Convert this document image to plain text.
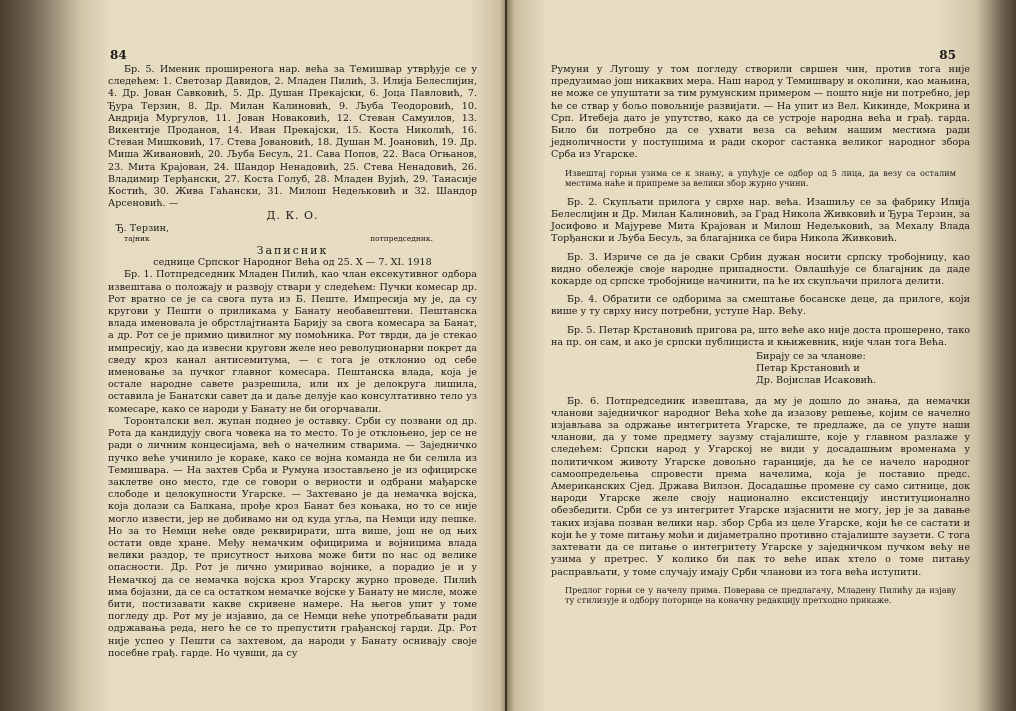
84

Бр. 5. Именик проширенога нар. већа за Темишвар утврђује се у следећем: 1. Светозар Давидов, 2. Младен Пилић, 3. Илија Белеслијин, 4. Др. Јован Савковић, 5. Др. Душан Прекајски, 6. Јоца Павловић, 7. Ђура Терзин, 8. Др. Милан Калиновић, 9. Љуба Теодоровић, 10. Андрија Мургулов, 11. Јован Новаковић, 12. Стеван Самуилов, 13. Викентије Проданов, 14. Иван Прекајски, 15. Коста Николић, 16. Стеван Мишковић, 17. Стева Јовановић, 18. Душан М. Јоановић, 19. Др. Миша Живановић, 20. Љуба Бесуљ, 21. Сава Попов, 22. Васа Огњанов, 23. Мита Крајован, 24. Шандор Ненадовић, 25. Стева Ненадовић, 26. Владимир Терђански, 27. Коста Голуб, 28. Младен Вујић, 29. Танасије Костић, 30. Жива Гаћански, 31. Милош Недељковић и 32. Шандор Арсеновић. —

Д. К. О.

Ђ. Терзин,
тајник	потпредседник.

Записник

седнице Српског Народног Већа од 25. X — 7. XI. 1918

Бр. 1. Потпредседник Младен Пилић, као члан ексекутивног одбора извештава о положају и развоју ствари у следећем: Пучки комесар др. Рот вратно се је са свога пута из Б. Пеште. Импресија му је, да су кругови у Пешти о приликама у Банату необавештени. Пештанска влада именовала је обрстлајтнанта Барију за свога комесара за Банат, а др. Рот се је примио цивилног му помоћника. Рот тврди, да је стекао импресију, као да извесни кругови желе нео револуционарни покрет да сведу кроз канал антисемитума, — с тога је отклонио од себе именовање за пучког главног комесара. Пештанска влада, која је остале народне савете разрешила, или их је делокруга лишила, оставила је Банатски савет да и даље делује као консултативно тело уз комесаре, како се народи у Банату не би огорчавали.

Торонталски вел. жупан поднео је оставку. Срби су позвани од др. Рота да кандидују свога човека на то место. То је отклоњено, јер се не ради о личним концесијама, већ о начелним стварима. — Заједничко пучко веће учинило је кораке, како се војна команда не би селила из Темишвара. — На захтев Срба и Румуна изостављено је из официрске заклетве оно место, где се говори о верности и одбрани мађарске слободе и целокупности Угарске. — Захтевано је да немачка војска, која долази са Балкана, прође кроз Банат без коњака, но то се није могло извести, јер не добивамо ни од куда угља, па Немци иду пешке. Но за то Немци неће овде реквирирати, шта више, још не од њих остати овде хране. Међу немачким официрима и војницима влада велики раздор, те присутност њихова може бити по нас од велике опасности. Др. Рот је лично умиривао војнике, а порадио је и у Немачкој да се немачка војска кроз Угарску журно проведе. Пилић има бојазни, да се са остатком немачке војске у Банату не мисле, може бити, постизавати какве скривене намере. На његов упит у томе погледу др. Рот му је изјавио, да се Немци неће употребљавати ради одржавања реда, него ће се то препустити грађанској гарди. Др. Рот није успео у Пешти са захтевом, да народи у Банату оснивају своје посебне грађ. гарде. Но чувши, да су

85

Румуни у Лугошу у том погледу створили свршен чин, против тога није предузимао још никаквих мера. Наш народ у Темишвару и околини, као мањина, не може се упуштати за тим румунским примером — пошто није ни потребно, јер ће се ствар у бољо повољније развијати. — На упит из Вел. Кикинде, Мокрина и Срп. Итебеја дато је упутство, како да се устроје народна већа и грађ. гарда. Било би потребно да се ухвати веза са већим нашим местима ради једноличности у поступцима и ради скорог састанка великог народног збора Срба из Угарске.

Извештај горњи узима се к знању, а упућује се одбор од 5 лица, да везу са осталим местима наће и припреме за велики збор журно учини.

Бр. 2. Скупљати прилога у сврхе нар. већа. Изашиљу се за фабрику Илија Белеслијин и Др. Милан Калиновић, за Град Никола Живковић и Ђура Терзин, за Јосифово и Мајуреве Мита Крајован и Милош Недељковић, за Мехалу Влада Торђански и Љуба Бесуљ, за благајника се бира Никола Живковић.

Бр. 3. Изриче се да је сваки Србин дужан носити српску тробојницу, као видно обележје своје народне припадности. Овлашћује се благајник да даде кокарде од српске тробојнице начинити, па ће их скупљачи прилога делити.

Бр. 4. Обратити се одборима за смештање босанске деце, да прилоге, који више у ту сврху нису потребни, уступе Нар. Већу.

Бр. 5. Петар Крстановић пригова ра, што веће ако није доста прошерено, тако на пр. он сам, и ако је српски публициста и књижевник, није члан тога Већа.

Бирају се за чланове:
Петар Крстановић и
Др. Војислав Исаковић.

Бр. 6. Потпредседник извештава, да му је дошло до знања, да немачки чланови заједничког народног Већа хоће да изазову решење, којим се начелно изјављава за одржање интегритета Угарске, те предлаже, да се упуте наши чланови, да у томе предмету заузму стајалиште, које у главном разлаже у следећем: Српски народ у Угарској не види у досадашњим вроменама у политичком животу Угарске довољно гаранције, да ће се начело народног самоопредељења спровести према начелима, која је поставио предс. Американских Сјед. Држава Вилзон. Досадашње промене су само ситнице, док народи Угарске желе своју национално ексистенцију институционално обезбедити. Срби се уз интегритет Угарске изјаснити не могу, јер је за давање таких изјава позван велики нар. збор Срба из целе Угарске, који ће се састати и који ће у томе питању моћи и дијаметрално противно стајалиште заузети. С тога захтевати да се питање о интегритету Угарске у заједничком пучком већу не узима у претрес. У колико би пак то веће ипак хтело о томе питању расправљати, у томе случају имају Срби чланови из тога већа иступити.

Предлог горњи се у начелу прима. Поверава се предлагачу, Младену Пилићу да изјаву ту стилизује и одбору поторице на коначну редакцију претходно прикаже.
